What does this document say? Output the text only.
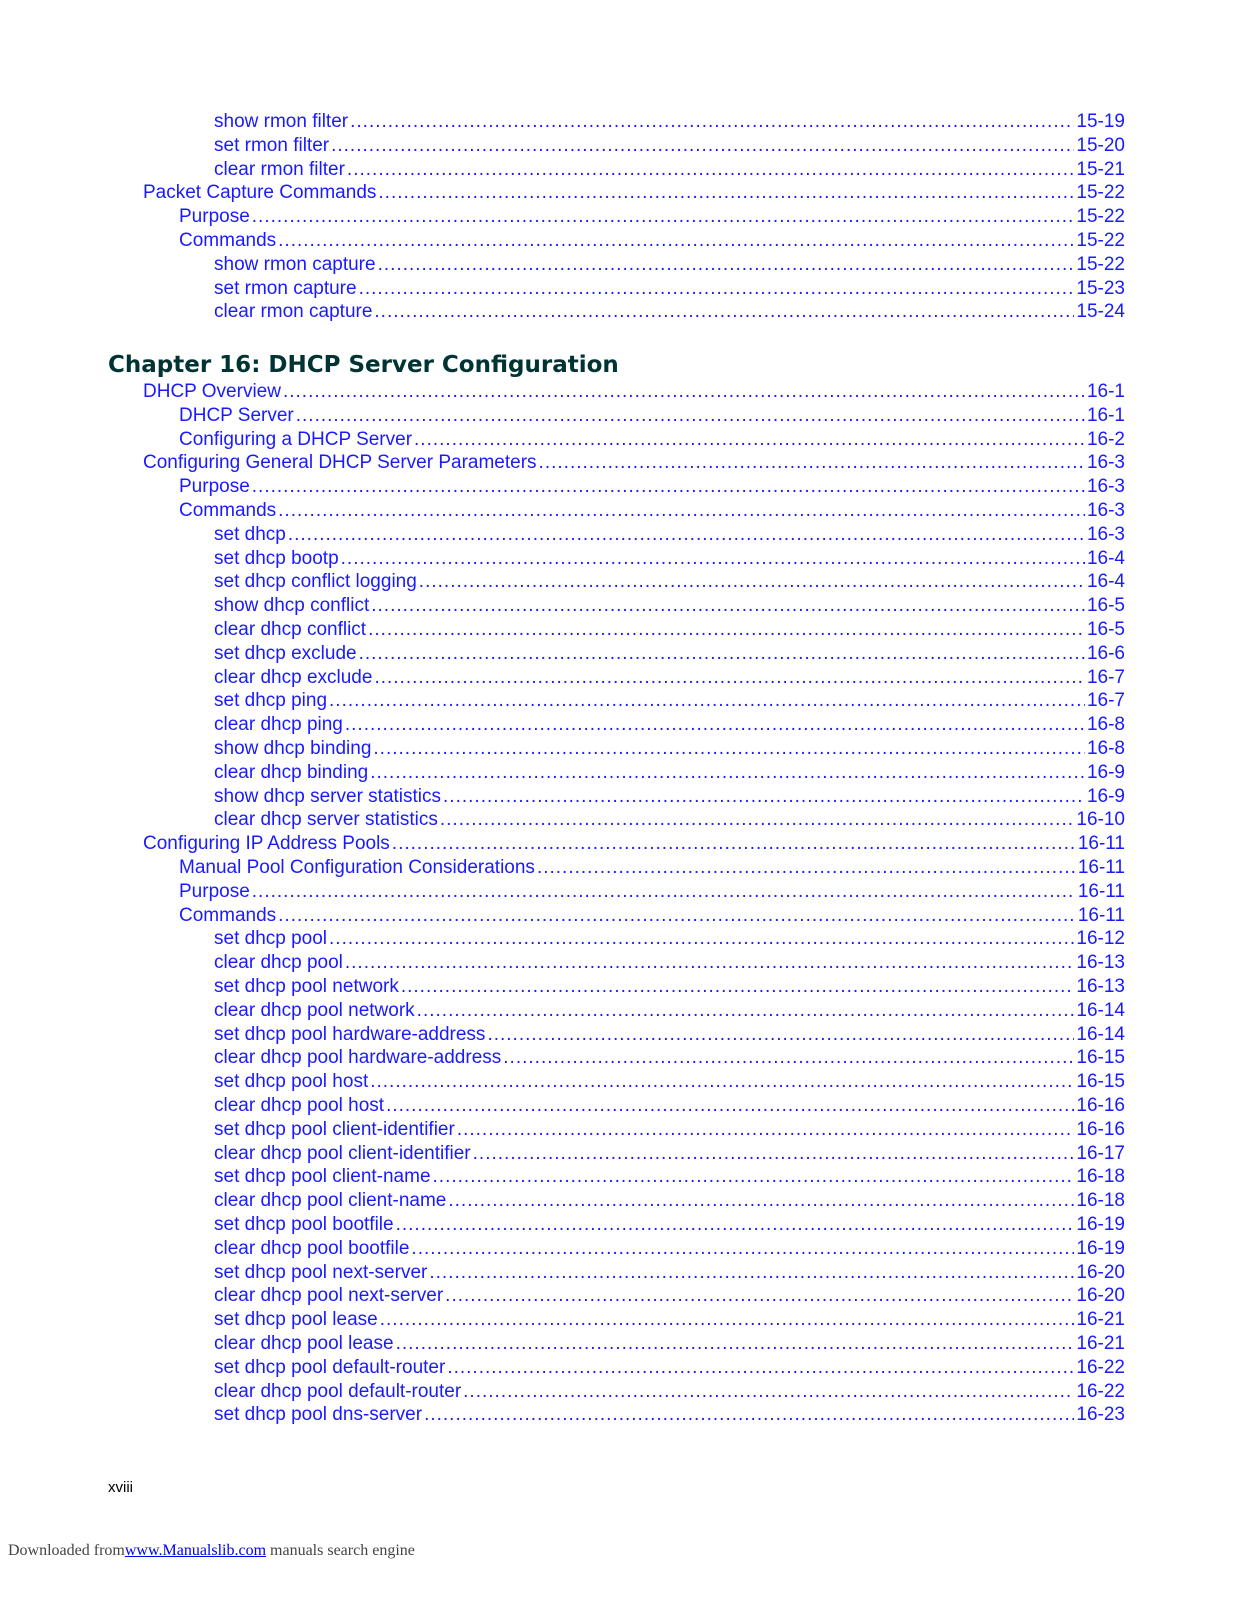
show rmon filter .....	15-19
set rmon filter .....	15-20
clear rmon filter .....	15-21
Packet Capture Commands .....	15-22
Purpose .....	15-22
Commands .....	15-22
show rmon capture .....	15-22
set rmon capture .....	15-23
clear rmon capture .....	15-24
Chapter 16: DHCP Server Configuration
DHCP Overview .....	16-1
DHCP Server .....	16-1
Configuring a DHCP Server .....	16-2
Configuring General DHCP Server Parameters .....	16-3
Purpose .....	16-3
Commands .....	16-3
set dhcp .....	16-3
set dhcp bootp .....	16-4
set dhcp conflict logging .....	16-4
show dhcp conflict .....	16-5
clear dhcp conflict .....	16-5
set dhcp exclude .....	16-6
clear dhcp exclude .....	16-7
set dhcp ping .....	16-7
clear dhcp ping .....	16-8
show dhcp binding .....	16-8
clear dhcp binding .....	16-9
show dhcp server statistics .....	16-9
clear dhcp server statistics .....	16-10
Configuring IP Address Pools .....	16-11
Manual Pool Configuration Considerations .....	16-11
Purpose .....	16-11
Commands .....	16-11
set dhcp pool .....	16-12
clear dhcp pool .....	16-13
set dhcp pool network .....	16-13
clear dhcp pool network .....	16-14
set dhcp pool hardware-address .....	16-14
clear dhcp pool hardware-address .....	16-15
set dhcp pool host .....	16-15
clear dhcp pool host .....	16-16
set dhcp pool client-identifier .....	16-16
clear dhcp pool client-identifier .....	16-17
set dhcp pool client-name .....	16-18
clear dhcp pool client-name .....	16-18
set dhcp pool bootfile .....	16-19
clear dhcp pool bootfile .....	16-19
set dhcp pool next-server .....	16-20
clear dhcp pool next-server .....	16-20
set dhcp pool lease .....	16-21
clear dhcp pool lease .....	16-21
set dhcp pool default-router .....	16-22
clear dhcp pool default-router .....	16-22
set dhcp pool dns-server .....	16-23
xviii
Downloaded fromwww.Manualslib.com manuals search engine
